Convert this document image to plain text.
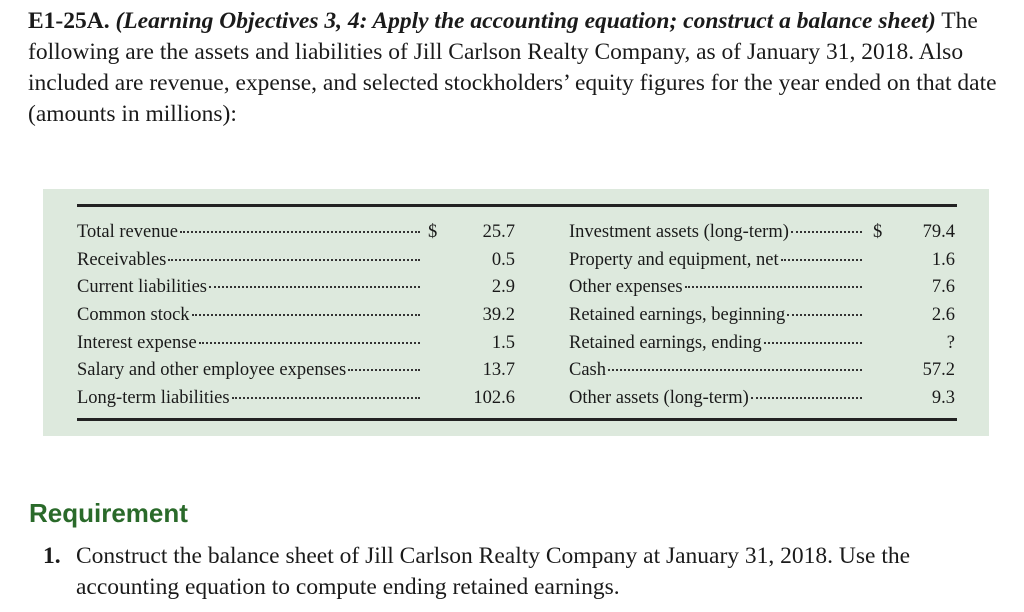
E1-25A. (Learning Objectives 3, 4: Apply the accounting equation; construct a balance sheet) The following are the assets and liabilities of Jill Carlson Realty Company, as of January 31, 2018. Also included are revenue, expense, and selected stockholders’ equity figures for the year ended on that date (amounts in millions):
Total revenue
Receivables
Current liabilities
Common stock
Interest expense
Salary and other employee expenses
Long-term liabilities
$ 25.7
0.5
2.9
39.2
1.5
13.7
102.6
Investment assets (long-term)
Property and equipment, net
Other expenses
Retained earnings, beginning
Retained earnings, ending
Cash
Other assets (long-term)
$ 79.4
1.6
7.6
2.6
?
57.2
9.3
Requirement
1. Construct the balance sheet of Jill Carlson Realty Company at January 31, 2018. Use the accounting equation to compute ending retained earnings.
